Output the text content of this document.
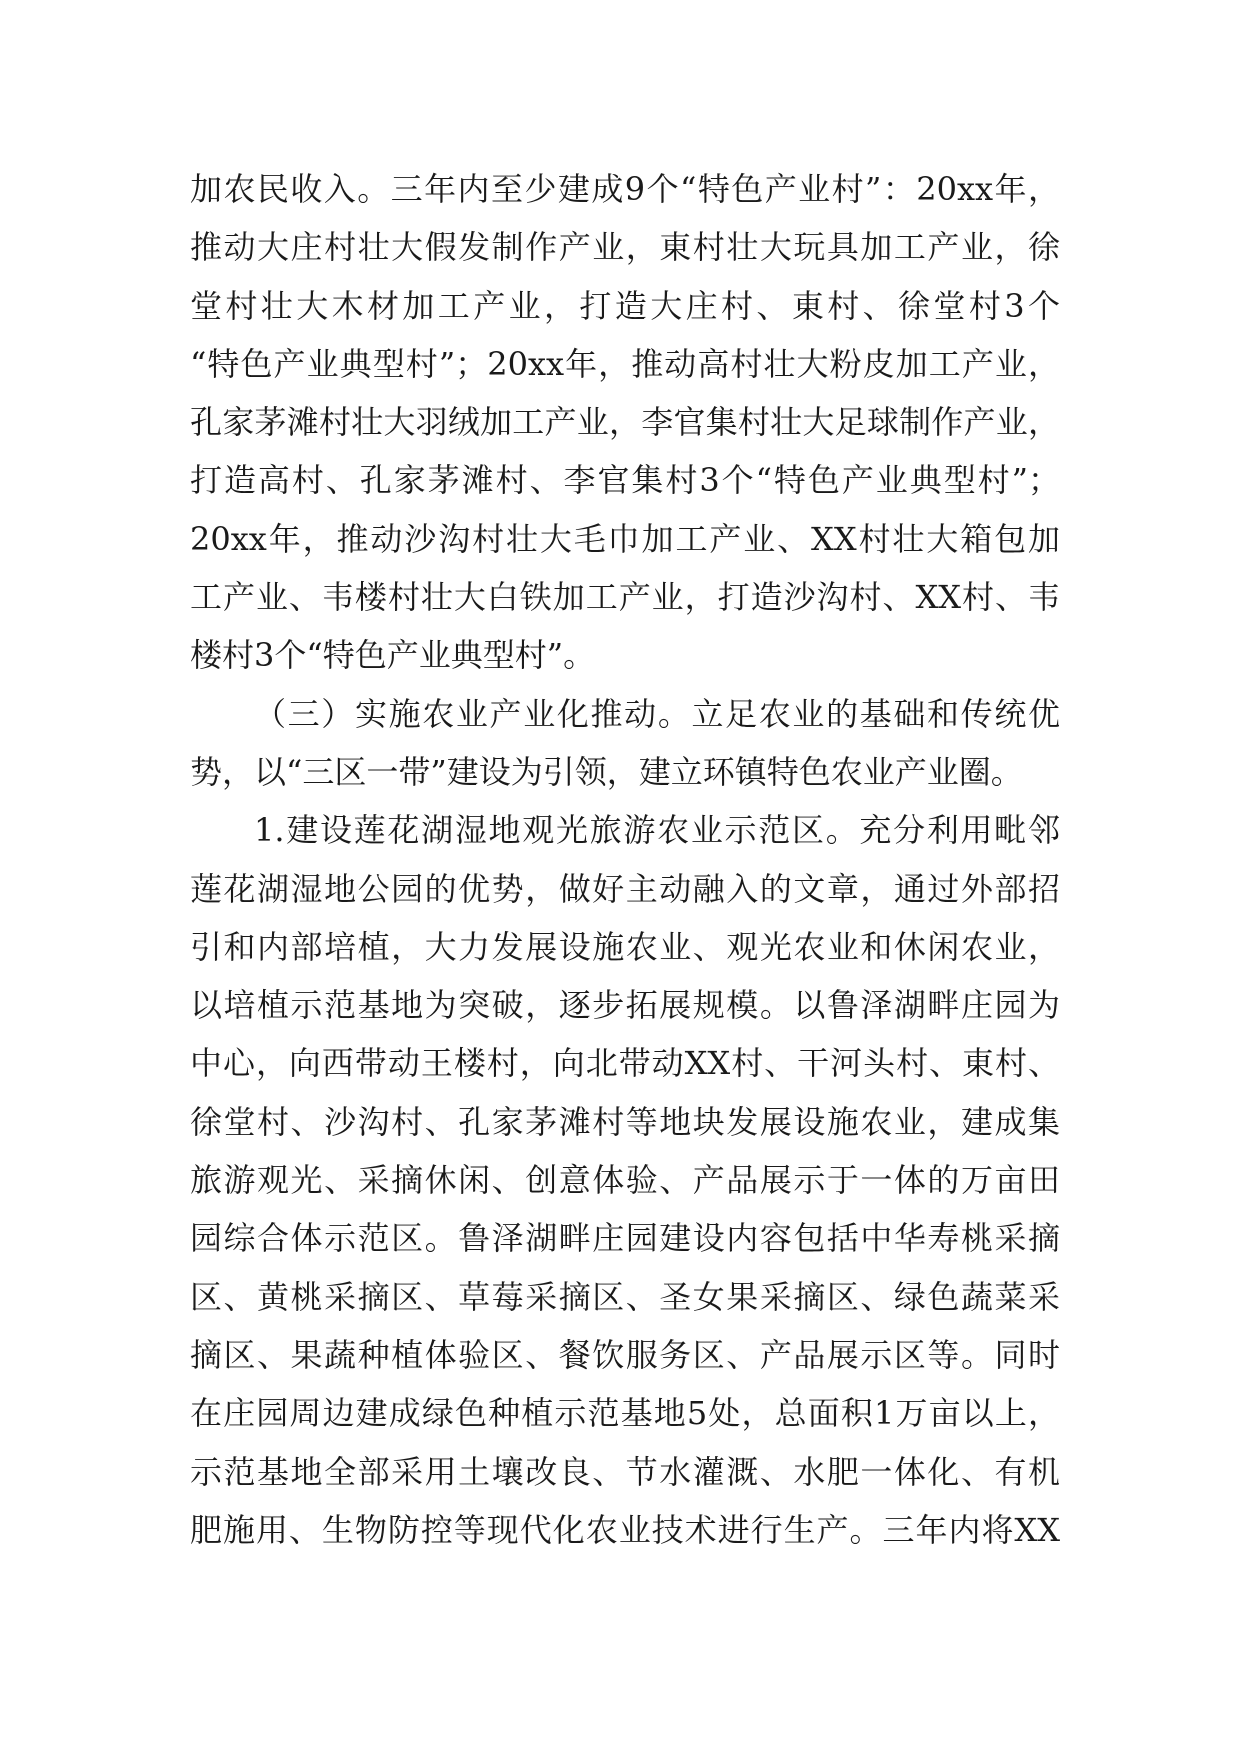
加农民收入。三年内至少建成9个“特色产业村”：20xx年，
推动大庄村壮大假发制作产业，東村壮大玩具加工产业，徐
堂村壮大木材加工产业，打造大庄村、東村、徐堂村3个
“特色产业典型村”；20xx年，推动高村壮大粉皮加工产业，
孔家茅滩村壮大羽绒加工产业，李官集村壮大足球制作产业，
打造高村、孔家茅滩村、李官集村3个“特色产业典型村”；
20xx年，推动沙沟村壮大毛巾加工产业、XX村壮大箱包加
工产业、韦楼村壮大白铁加工产业，打造沙沟村、XX村、韦
楼村3个“特色产业典型村”。
（三）实施农业产业化推动。立足农业的基础和传统优
势，以“三区一带”建设为引领，建立环镇特色农业产业圈。
1.建设莲花湖湿地观光旅游农业示范区。充分利用毗邻
莲花湖湿地公园的优势，做好主动融入的文章，通过外部招
引和内部培植，大力发展设施农业、观光农业和休闲农业，
以培植示范基地为突破，逐步拓展规模。以鲁泽湖畔庄园为
中心，向西带动王楼村，向北带动XX村、干河头村、東村、
徐堂村、沙沟村、孔家茅滩村等地块发展设施农业，建成集
旅游观光、采摘休闲、创意体验、产品展示于一体的万亩田
园综合体示范区。鲁泽湖畔庄园建设内容包括中华寿桃采摘
区、黄桃采摘区、草莓采摘区、圣女果采摘区、绿色蔬菜采
摘区、果蔬种植体验区、餐饮服务区、产品展示区等。同时
在庄园周边建成绿色种植示范基地5处，总面积1万亩以上，
示范基地全部采用土壤改良、节水灌溉、水肥一体化、有机
肥施用、生物防控等现代化农业技术进行生产。三年内将XX
